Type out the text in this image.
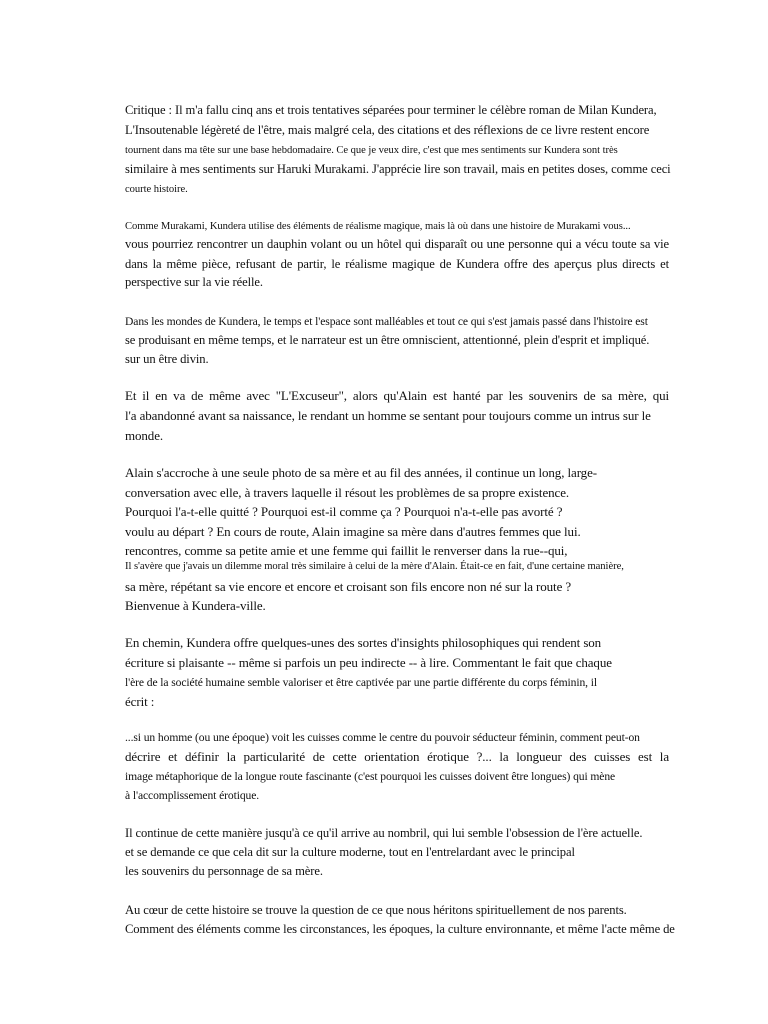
Critique : Il m'a fallu cinq ans et trois tentatives séparées pour terminer le célèbre roman de Milan Kundera,
L'Insoutenable légèreté de l'être, mais malgré cela, des citations et des réflexions de ce livre restent encore
tournent dans ma tête sur une base hebdomadaire. Ce que je veux dire, c'est que mes sentiments sur Kundera sont très
similaire à mes sentiments sur Haruki Murakami. J'apprécie lire son travail, mais en petites doses, comme ceci
courte histoire.
Comme Murakami, Kundera utilise des éléments de réalisme magique, mais là où dans une histoire de Murakami vous...
vous pourriez rencontrer un dauphin volant ou un hôtel qui disparaît ou une personne qui a vécu toute sa vie
dans la même pièce, refusant de partir, le réalisme magique de Kundera offre des aperçus plus directs et
perspective sur la vie réelle.
Dans les mondes de Kundera, le temps et l'espace sont malléables et tout ce qui s'est jamais passé dans l'histoire est
se produisant en même temps, et le narrateur est un être omniscient, attentionné, plein d'esprit et impliqué.
sur un être divin.
Et il en va de même avec "L'Excuseur", alors qu'Alain est hanté par les souvenirs de sa mère, qui
l'a abandonné avant sa naissance, le rendant un homme se sentant pour toujours comme un intrus sur le
monde.
Alain s'accroche à une seule photo de sa mère et au fil des années, il continue un long, large-
conversation avec elle, à travers laquelle il résout les problèmes de sa propre existence.
Pourquoi l'a-t-elle quitté ? Pourquoi est-il comme ça ? Pourquoi n'a-t-elle pas avorté ?
voulu au départ ? En cours de route, Alain imagine sa mère dans d'autres femmes que lui.
rencontres, comme sa petite amie et une femme qui faillit le renverser dans la rue--qui,
Il s'avère que j'avais un dilemme moral très similaire à celui de la mère d'Alain. Était-ce en fait, d'une certaine manière,
sa mère, répétant sa vie encore et encore et croisant son fils encore non né sur la route ?
Bienvenue à Kundera-ville.
En chemin, Kundera offre quelques-unes des sortes d'insights philosophiques qui rendent son
écriture si plaisante -- même si parfois un peu indirecte -- à lire. Commentant le fait que chaque
l'ère de la société humaine semble valoriser et être captivée par une partie différente du corps féminin, il
écrit :
...si un homme (ou une époque) voit les cuisses comme le centre du pouvoir séducteur féminin, comment peut-on
décrire et définir la particularité de cette orientation érotique ?... la longueur des cuisses est la
image métaphorique de la longue route fascinante (c'est pourquoi les cuisses doivent être longues) qui mène
à l'accomplissement érotique.
Il continue de cette manière jusqu'à ce qu'il arrive au nombril, qui lui semble l'obsession de l'ère actuelle.
et se demande ce que cela dit sur la culture moderne, tout en l'entrelardant avec le principal
les souvenirs du personnage de sa mère.
Au cœur de cette histoire se trouve la question de ce que nous héritons spirituellement de nos parents.
Comment des éléments comme les circonstances, les époques, la culture environnante, et même l'acte même de
